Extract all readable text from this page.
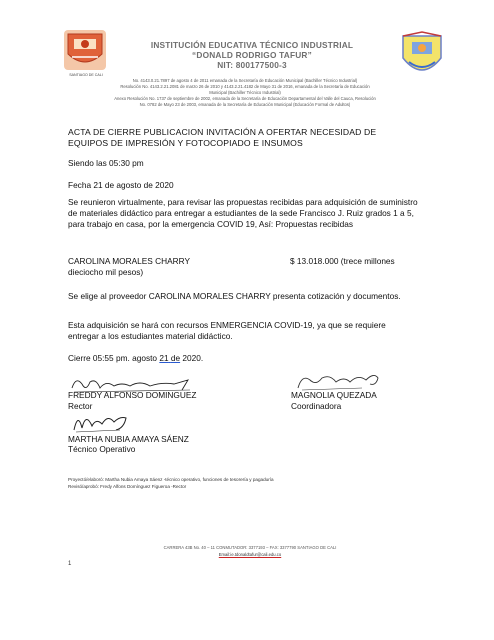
SANTIAGO DE CALI
INSTITUCIÓN EDUCATIVA TÉCNICO INDUSTRIAL
“DONALD RODRIGO TAFUR”
NIT: 800177500-3
No. 4143.0.21.7897 de agosto 4 de 2011 emanada de la Secretaría de Educación Municipal (Bachiller Técnico Industrial)
Resolución No. 4143.2.21.2081 de marzo 26 de 2010 y 4143.2.21.4182 de Mayo 31 de 2016, emanada de la Secretaría de Educación
Municipal (Bachiller Técnico Industrial)
Anexo Resolución No. 1737 de septiembre de 2002, emanada de la Secretaría de Educación Departamental del Valle del Cauca, Resolución
No. 0782 de Mayo 23 de 2003, emanada de la Secretaría de Educación Municipal (Educación Formal de Adultos)
ACTA DE CIERRE PUBLICACION INVITACIÓN A OFERTAR NECESIDAD DE EQUIPOS DE IMPRESIÓN Y FOTOCOPIADO E INSUMOS
Siendo las 05:30 pm
Fecha 21 de agosto de 2020
Se reunieron virtualmente, para revisar las propuestas recibidas para adquisición de suministro de materiales didáctico para entregar a estudiantes de la sede Francisco J. Ruiz grados 1 a 5, para trabajo en casa, por la emergencia COVID 19, Así: Propuestas recibidas
CAROLINA MORALES CHARRY	$ 13.018.000 (trece millones
dieciocho mil pesos)
Se elige al proveedor CAROLINA MORALES CHARRY presenta cotización y documentos.
Esta adquisición se hará con recursos ENMERGENCIA COVID-19, ya que se requiere entregar a los estudiantes material didáctico.
Cierre 05:55 pm. agosto 21 de 2020.
FREDDY ALFONSO DOMINGUEZ
Rector
MAGNOLIA QUEZADA
Coordinadora
MARTHA NUBIA AMAYA SÁENZ
Técnico Operativo
Proyectó/elaboró: Martha Nubia Amaya Sáenz -técnico operativo, funciones de tesorería y pagaduría
Revisó/aprobó: Fredy Alfons Domínguez Figueroa -Rector
CARRERA 43B No. 40 – 11 CONMUTADOR: 3377193 – FAX: 3377790 SANTIAGO DE CALI
Email:ie.tdonaldtafur@cali.edu.co
1
